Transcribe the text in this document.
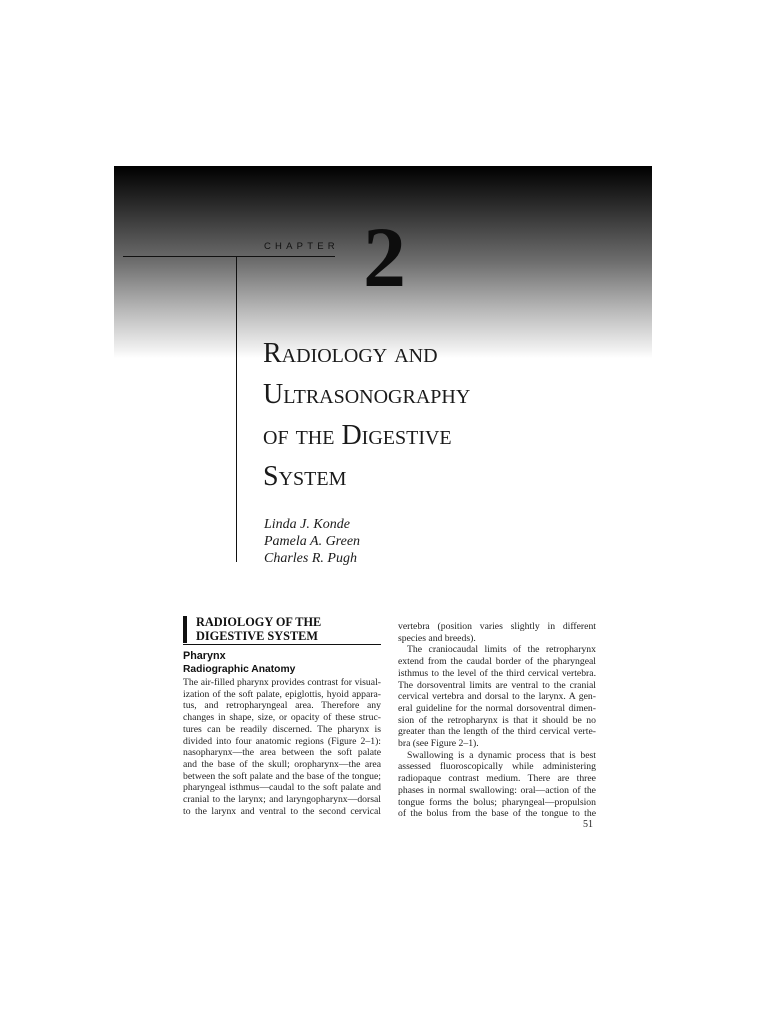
CHAPTER 2
Radiology and
Ultrasonography
of the Digestive
System
Linda J. Konde
Pamela A. Green
Charles R. Pugh
RADIOLOGY OF THE
DIGESTIVE SYSTEM
Pharynx
Radiographic Anatomy
The air-filled pharynx provides contrast for visual-
ization of the soft palate, epiglottis, hyoid appara-
tus, and retropharyngeal area. Therefore any
changes in shape, size, or opacity of these struc-
tures can be readily discerned. The pharynx is
divided into four anatomic regions (Figure 2–1):
nasopharynx—the area between the soft palate
and the base of the skull; oropharynx—the area
between the soft palate and the base of the tongue;
pharyngeal isthmus—caudal to the soft palate and
cranial to the larynx; and laryngopharynx—dorsal
to the larynx and ventral to the second cervical
vertebra (position varies slightly in different
species and breeds).
The craniocaudal limits of the retropharynx
extend from the caudal border of the pharyngeal
isthmus to the level of the third cervical vertebra.
The dorsoventral limits are ventral to the cranial
cervical vertebra and dorsal to the larynx. A gen-
eral guideline for the normal dorsoventral dimen-
sion of the retropharynx is that it should be no
greater than the length of the third cervical verte-
bra (see Figure 2–1).
Swallowing is a dynamic process that is best
assessed fluoroscopically while administering
radiopaque contrast medium. There are three
phases in normal swallowing: oral—action of the
tongue forms the bolus; pharyngeal—propulsion
of the bolus from the base of the tongue to the
51
